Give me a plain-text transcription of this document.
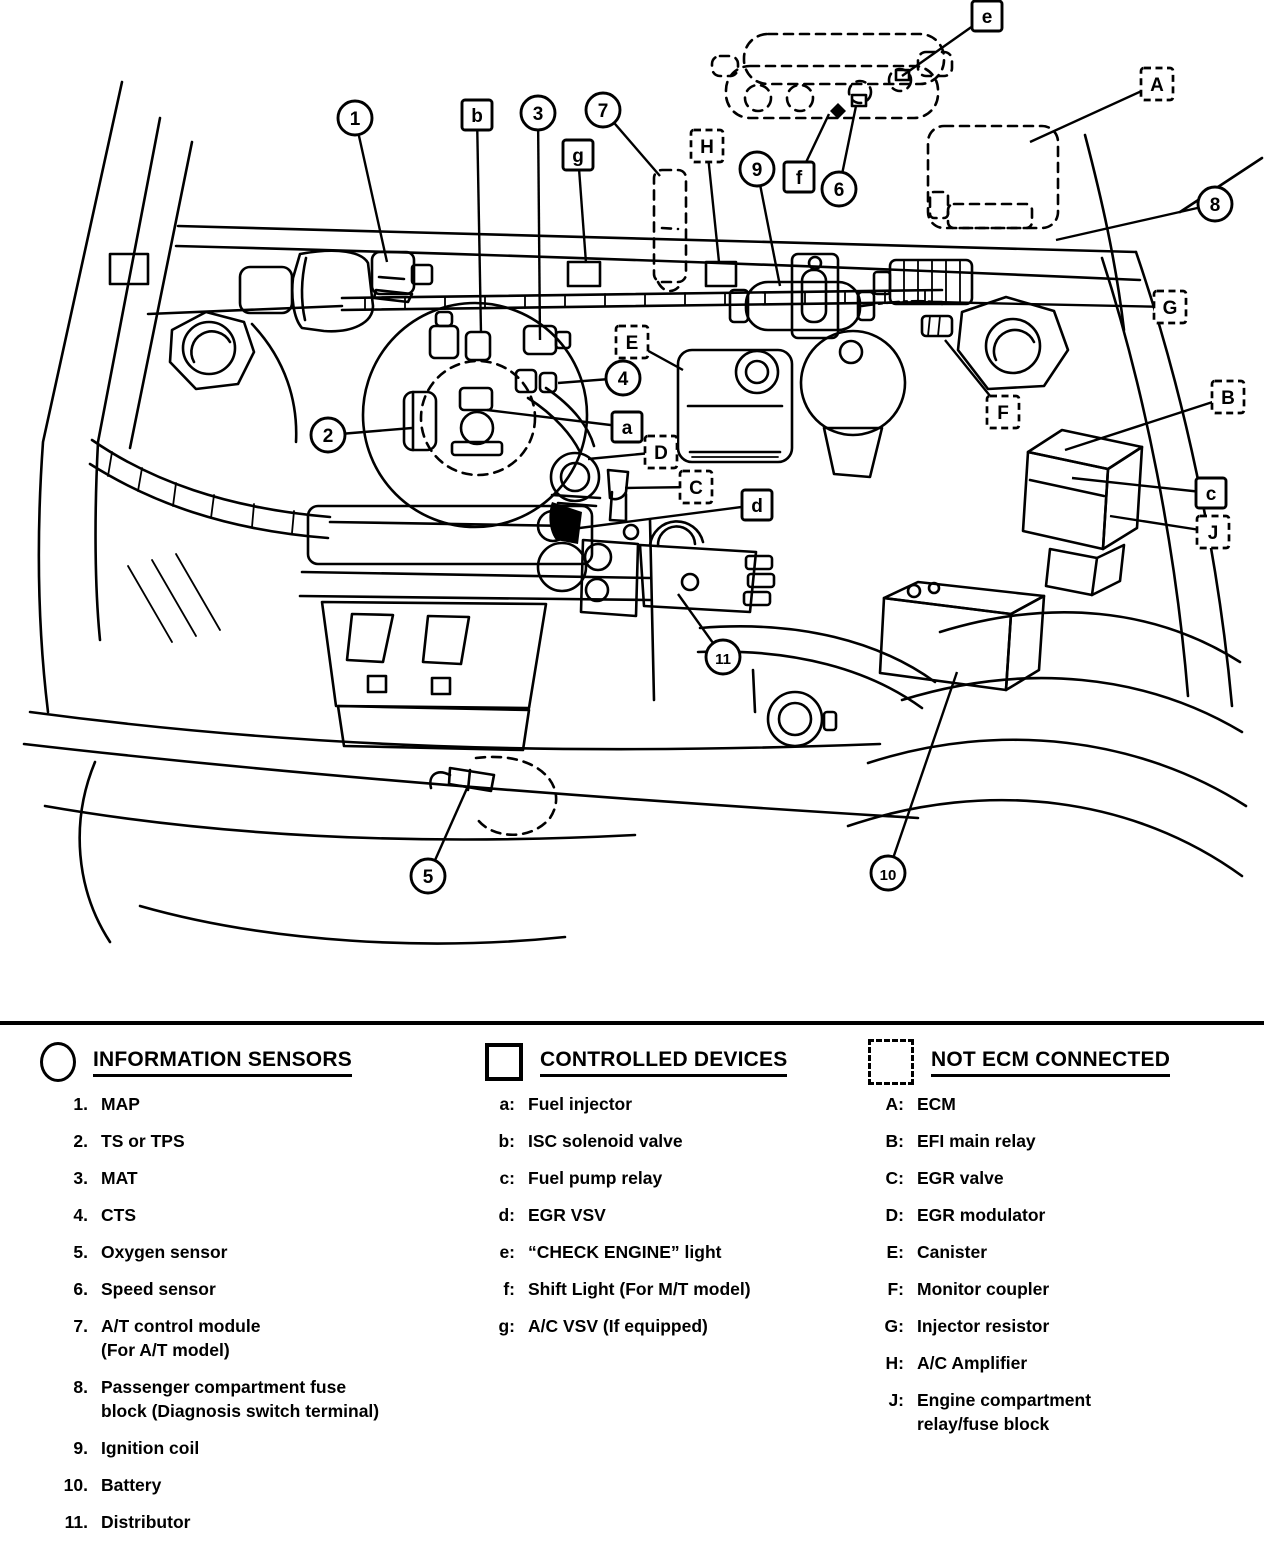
1	b	3	7
g	H
9 f
6
e
A
8
G
E
4
2	a
D
C
d
F
B
c
J
11
5	10
INFORMATION SENSORS
1. MAP
2. TS or TPS
3. MAT
4. CTS
5. Oxygen sensor
6. Speed sensor
7. A/T control module
(For A/T model)
8. Passenger compartment fuse
block (Diagnosis switch terminal)
9. Ignition coil
10. Battery
11. Distributor
CONTROLLED DEVICES
a: Fuel injector
b: ISC solenoid valve
c: Fuel pump relay
d: EGR VSV
e: “CHECK ENGINE” light
f: Shift Light (For M/T model)
g: A/C VSV (If equipped)
NOT ECM CONNECTED
A: ECM
B: EFI main relay
C: EGR valve
D: EGR modulator
E: Canister
F: Monitor coupler
G: Injector resistor
H: A/C Amplifier
J: Engine compartment
relay/fuse block
